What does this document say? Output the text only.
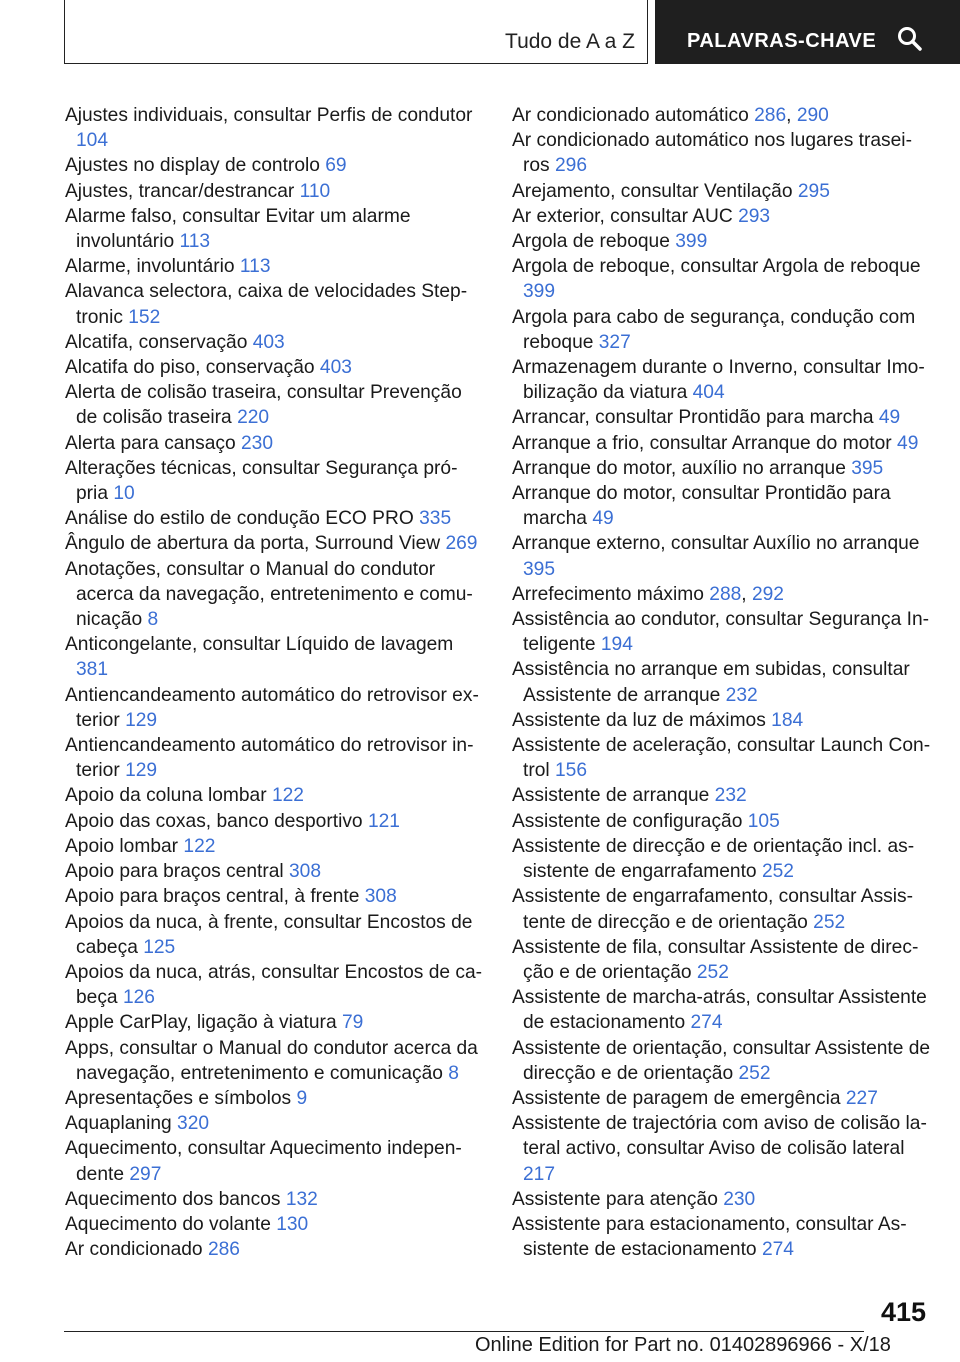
Tudo de A a Z	PALAVRAS-CHAVE
Ajustes individuais, consultar Perfis de condutor 104
Ajustes no display de controlo 69
Ajustes, trancar/destrancar 110
Alarme falso, consultar Evitar um alarme involuntário 113
Alarme, involuntário 113
Alavanca selectora, caixa de velocidades Steptronic 152
Alcatifa, conservação 403
Alcatifa do piso, conservação 403
Alerta de colisão traseira, consultar Prevenção de colisão traseira 220
Alerta para cansaço 230
Alterações técnicas, consultar Segurança própria 10
Análise do estilo de condução ECO PRO 335
Ângulo de abertura da porta, Surround View 269
Anotações, consultar o Manual do condutor acerca da navegação, entretenimento e comunicação 8
Anticongelante, consultar Líquido de lavagem 381
Antiencandeamento automático do retrovisor exterior 129
Antiencandeamento automático do retrovisor interior 129
Apoio da coluna lombar 122
Apoio das coxas, banco desportivo 121
Apoio lombar 122
Apoio para braços central 308
Apoio para braços central, à frente 308
Apoios da nuca, à frente, consultar Encostos de cabeça 125
Apoios da nuca, atrás, consultar Encostos de cabeça 126
Apple CarPlay, ligação à viatura 79
Apps, consultar o Manual do condutor acerca da navegação, entretenimento e comunicação 8
Apresentações e símbolos 9
Aquaplaning 320
Aquecimento, consultar Aquecimento independente 297
Aquecimento dos bancos 132
Aquecimento do volante 130
Ar condicionado 286
Ar condicionado automático 286, 290
Ar condicionado automático nos lugares traseiros 296
Arejamento, consultar Ventilação 295
Ar exterior, consultar AUC 293
Argola de reboque 399
Argola de reboque, consultar Argola de reboque 399
Argola para cabo de segurança, condução com reboque 327
Armazenagem durante o Inverno, consultar Imobilização da viatura 404
Arrancar, consultar Prontidão para marcha 49
Arranque a frio, consultar Arranque do motor 49
Arranque do motor, auxílio no arranque 395
Arranque do motor, consultar Prontidão para marcha 49
Arranque externo, consultar Auxílio no arranque 395
Arrefecimento máximo 288, 292
Assistência ao condutor, consultar Segurança Inteligente 194
Assistência no arranque em subidas, consultar Assistente de arranque 232
Assistente da luz de máximos 184
Assistente de aceleração, consultar Launch Control 156
Assistente de arranque 232
Assistente de configuração 105
Assistente de direcção e de orientação incl. assistente de engarrafamento 252
Assistente de engarrafamento, consultar Assistente de direcção e de orientação 252
Assistente de fila, consultar Assistente de direcção e de orientação 252
Assistente de marcha-atrás, consultar Assistente de estacionamento 274
Assistente de orientação, consultar Assistente de direcção e de orientação 252
Assistente de paragem de emergência 227
Assistente de trajectória com aviso de colisão lateral activo, consultar Aviso de colisão lateral 217
Assistente para atenção 230
Assistente para estacionamento, consultar Assistente de estacionamento 274
415
Online Edition for Part no. 01402896966 - X/18
